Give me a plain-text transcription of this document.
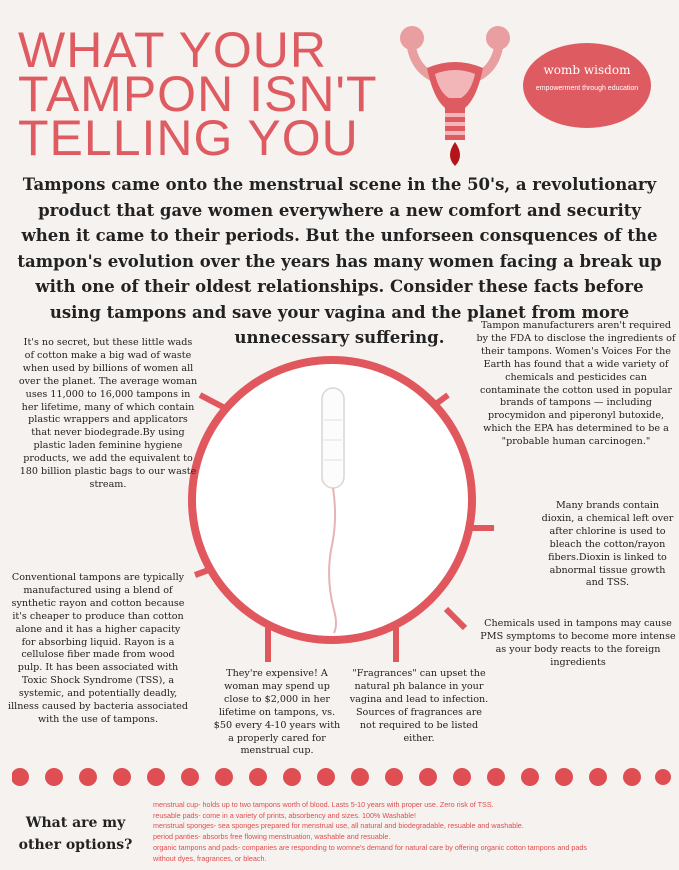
WHAT YOUR
TAMPON ISN'T
TELLING YOU
womb wisdom
empowerment through education

Tampons came onto the menstrual scene in the 50's, a revolutionary product that gave women everywhere a new comfort and security when it came to their periods. But the unforseen consquences of the tampon's evolution over the years has many women facing a break up with one of their oldest relationships. Consider these facts before using tampons and save your vagina and the planet from more unnecessary suffering.

It's no secret, but these little wads of cotton make a big wad of waste when used by billions of women all over the planet. The average woman uses 11,000 to 16,000 tampons in her lifetime, many of which contain plastic wrappers and applicators that never biodegrade.By using plastic laden feminine hygiene products, we add the equivalent to 180 billion plastic bags to our waste stream.

Tampon manufacturers aren't required by the FDA to disclose the ingredients of their tampons. Women's Voices For the Earth has found that a wide variety of chemicals and pesticides can contaminate the cotton used in popular brands of tampons — including procymidon and piperonyl butoxide, which the EPA has determined to be a "probable human carcinogen."

Many brands contain dioxin, a chemical left over after chlorine is used to bleach the cotton/rayon fibers.Dioxin is linked to abnormal tissue growth and TSS.

Chemicals used in tampons may cause PMS symptoms to become more intense as your body reacts to the foreign ingredients

Conventional tampons are typically manufactured using a blend of synthetic rayon and cotton because it's cheaper to produce than cotton alone and it has a higher capacity for absorbing liquid. Rayon is a cellulose fiber made from wood pulp. It has been associated with Toxic Shock Syndrome (TSS), a systemic, and potentially deadly, illness caused by bacteria associated with the use of tampons.

They're expensive! A woman may spend up close to $2,000 in her lifetime on tampons, vs. $50 every 4-10 years with a properly cared for menstrual cup.

"Fragrances" can upset the natural ph balance in your vagina and lead to infection. Sources of fragrances are not required to be listed either.

What are my other options?

menstrual cup- holds up to two tampons worth of blood. Lasts 5-10 years with proper use. Zero risk of TSS.
reusable pads- come in a variety of prints, absorbency and sizes. 100% Washable!
menstrual sponges- sea sponges prepared for menstrual use, all natural and biodegradable, resuable and washable.
period panties- absorbs free flowing menstruation, washable and resuable.
organic tampons and pads- companies are responding to womne's demand for natural care by offering organic cotton tampons and pads
without dyes, fragrances, or bleach.
